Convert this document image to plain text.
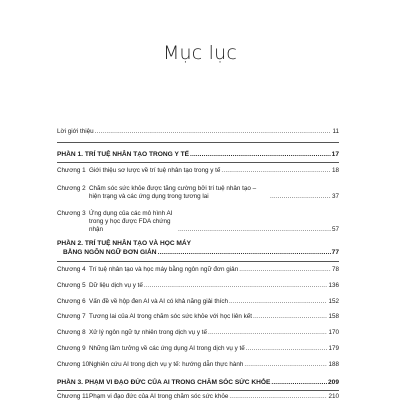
Mục lục
Lời giới thiệu .....	11
PHẦN 1. TRÍ TUỆ NHÂN TẠO TRONG Y TẾ .....	17
Chương 1 Giới thiệu sơ lược về trí tuệ nhân tạo trong y tế .....	18
Chương 2 Chăm sóc sức khỏe được tăng cường bởi trí tuệ nhân tạo – hiện trạng và các ứng dụng trong tương lai .....	37
Chương 3 Ứng dụng của các mô hình AI trong y học được FDA chứng nhận .....	57
PHẦN 2. TRÍ TUỆ NHÂN TẠO VÀ HỌC MÁY
BẰNG NGÔN NGỮ ĐƠN GIẢN .....	77
Chương 4 Trí tuệ nhân tạo và học máy bằng ngôn ngữ đơn giản .....	78
Chương 5 Dữ liệu dịch vụ y tế .....	136
Chương 6 Vấn đề về hộp đen AI và AI có khả năng giải thích .....	152
Chương 7 Tương lai của AI trong chăm sóc sức khỏe với học liên kết .....	158
Chương 8 Xử lý ngôn ngữ tự nhiên trong dịch vụ y tế .....	170
Chương 9 Những lầm tưởng về các ứng dụng AI trong dịch vụ y tế .....	179
Chương 10 Nghiên cứu AI trong dịch vụ y tế: hướng dẫn thực hành .....	188
PHẦN 3. PHẠM VI ĐẠO ĐỨC CỦA AI TRONG CHĂM SÓC SỨC KHỎE .....	209
Chương 11 Phạm vi đạo đức của AI trong chăm sóc sức khỏe .....	210
